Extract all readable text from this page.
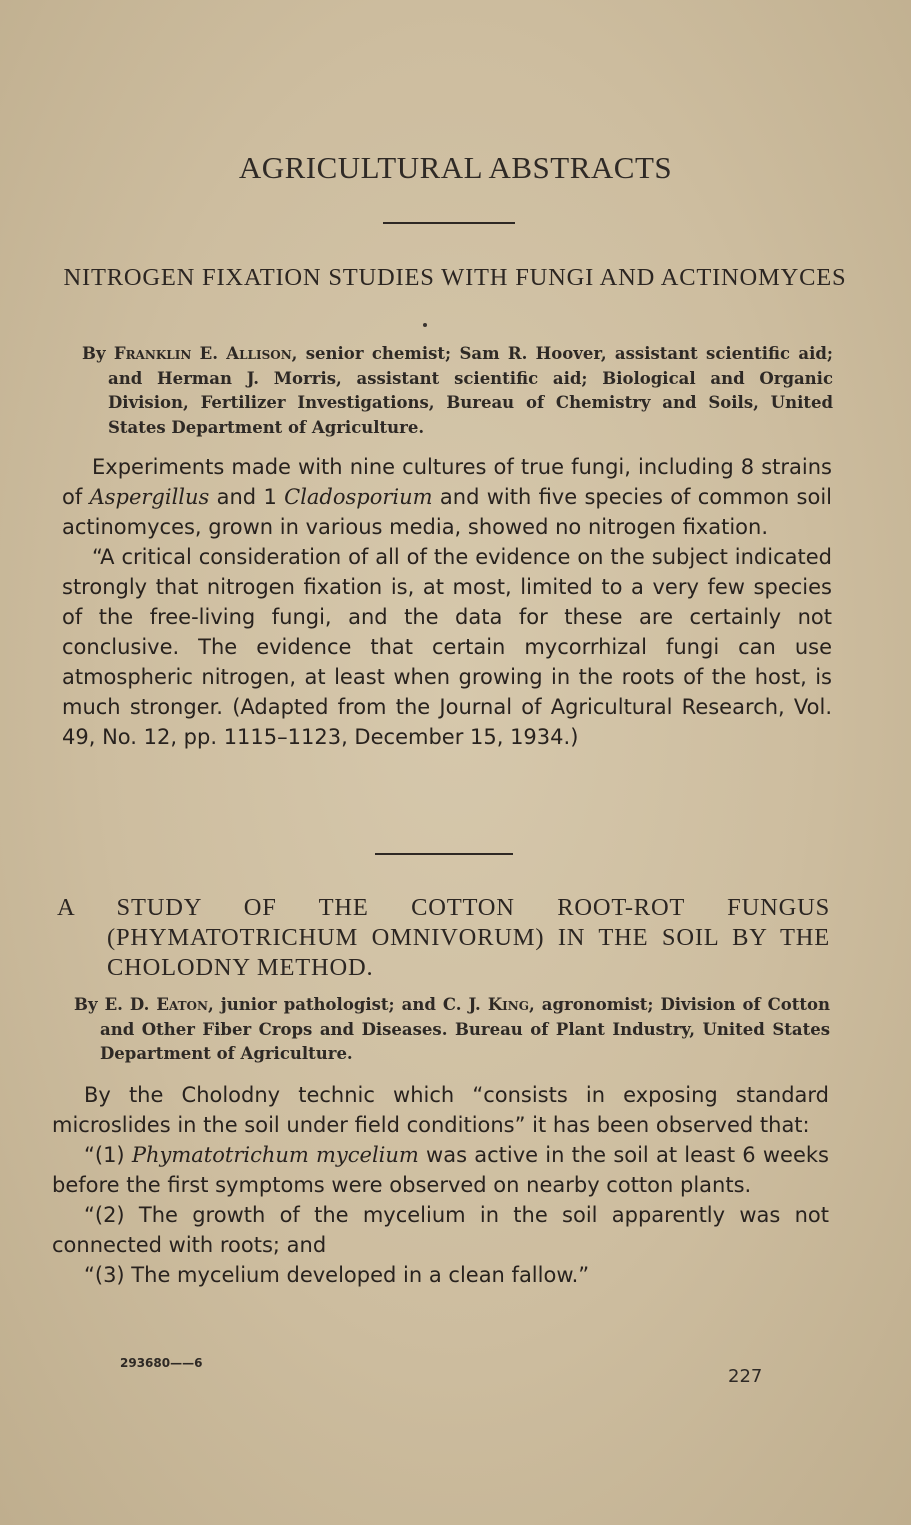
AGRICULTURAL ABSTRACTS
NITROGEN FIXATION STUDIES WITH FUNGI AND ACTINOMYCES
By Franklin E. Allison, senior chemist; Sam R. Hoover, assistant scientific aid; and Herman J. Morris, assistant scientific aid; Biological and Organic Division, Fertilizer Investigations, Bureau of Chemistry and Soils, United States Department of Agriculture.

Experiments made with nine cultures of true fungi, including 8 strains of Aspergillus and 1 Cladosporium and with five species of common soil actinomyces, grown in various media, showed no nitrogen fixation.

“A critical consideration of all of the evidence on the subject indicated strongly that nitrogen fixation is, at most, limited to a very few species of the free-living fungi, and the data for these are certainly not conclusive. The evidence that certain mycorrhizal fungi can use atmospheric nitrogen, at least when growing in the roots of the host, is much stronger. (Adapted from the Journal of Agricultural Research, Vol. 49, No. 12, pp. 1115–1123, December 15, 1934.)

A STUDY OF THE COTTON ROOT-ROT FUNGUS (PHYMATOTRICHUM OMNIVORUM) IN THE SOIL BY THE CHOLODNY METHOD.
By E. D. Eaton, junior pathologist; and C. J. King, agronomist; Division of Cotton and Other Fiber Crops and Diseases. Bureau of Plant Industry, United States Department of Agriculture.

By the Cholodny technic which “consists in exposing standard microslides in the soil under field conditions” it has been observed that:

“(1) Phymatotrichum mycelium was active in the soil at least 6 weeks before the first symptoms were observed on nearby cotton plants.

“(2) The growth of the mycelium in the soil apparently was not connected with roots; and

“(3) The mycelium developed in a clean fallow.”

293680——6
227
